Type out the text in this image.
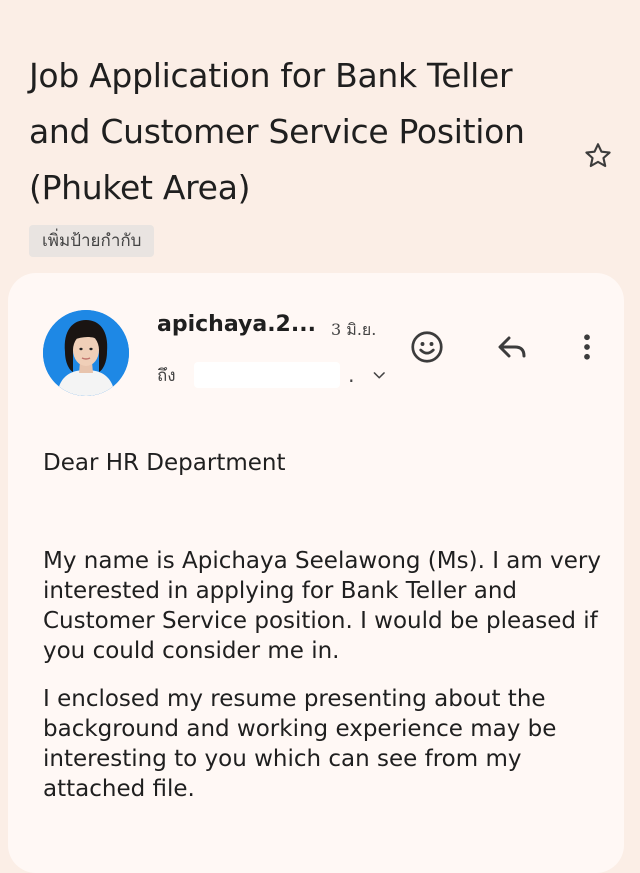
Job Application for Bank Teller and Customer Service Position (Phuket Area)
เพิ่มป้ายกำกับ
apichaya.2... 3 มิ.ย.
ถึง	.
Dear HR Department
My name is Apichaya Seelawong (Ms). I am very interested in applying for Bank Teller and Customer Service position. I would be pleased if you could consider me in.
I enclosed my resume presenting about the background and working experience may be interesting to you which can see from my attached file.
